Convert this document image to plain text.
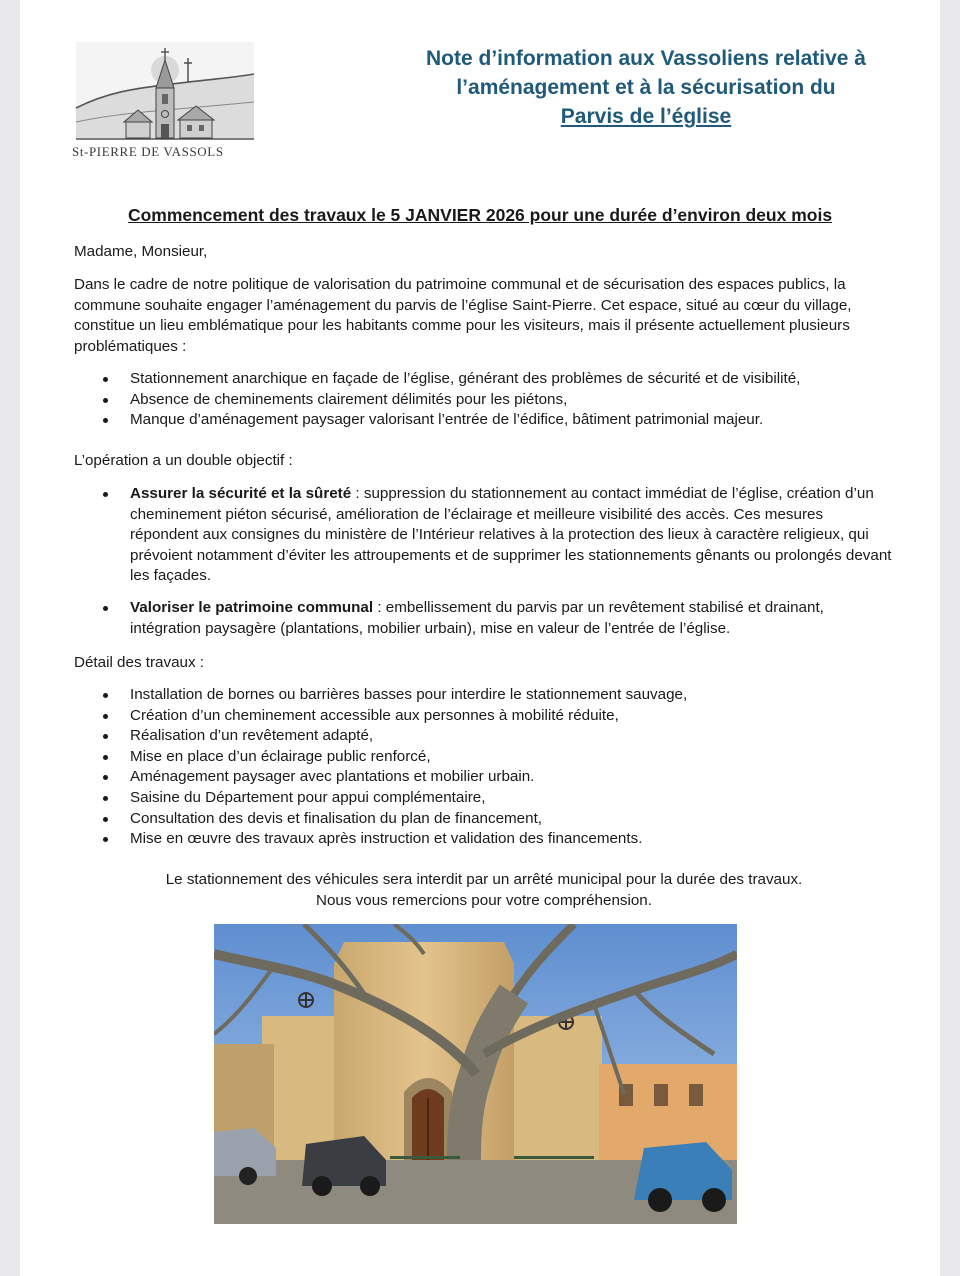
St-PIERRE DE VASSOLS
Note d’information aux Vassoliens relative à
l’aménagement et à la sécurisation du
Parvis de l’église
Commencement des travaux le 5 JANVIER 2026 pour une durée d’environ deux mois

Madame, Monsieur,

Dans le cadre de notre politique de valorisation du patrimoine communal et de sécurisation des espaces publics, la commune souhaite engager l’aménagement du parvis de l’église Saint-Pierre. Cet espace, situé au cœur du village, constitue un lieu emblématique pour les habitants comme pour les visiteurs, mais il présente actuellement plusieurs problématiques :

Stationnement anarchique en façade de l’église, générant des problèmes de sécurité et de visibilité,
Absence de cheminements clairement délimités pour les piétons,
Manque d’aménagement paysager valorisant l’entrée de l’édifice, bâtiment patrimonial majeur.

L’opération a un double objectif :

Assurer la sécurité et la sûreté : suppression du stationnement au contact immédiat de l’église, création d’un cheminement piéton sécurisé, amélioration de l’éclairage et meilleure visibilité des accès. Ces mesures répondent aux consignes du ministère de l’Intérieur relatives à la protection des lieux à caractère religieux, qui prévoient notamment d’éviter les attroupements et de supprimer les stationnements gênants ou prolongés devant les façades.
Valoriser le patrimoine communal : embellissement du parvis par un revêtement stabilisé et drainant, intégration paysagère (plantations, mobilier urbain), mise en valeur de l’entrée de l’église.

Détail des travaux :

Installation de bornes ou barrières basses pour interdire le stationnement sauvage,
Création d’un cheminement accessible aux personnes à mobilité réduite,
Réalisation d’un revêtement adapté,
Mise en place d’un éclairage public renforcé,
Aménagement paysager avec plantations et mobilier urbain.
Saisine du Département pour appui complémentaire,
Consultation des devis et finalisation du plan de financement,
Mise en œuvre des travaux après instruction et validation des financements.
Le stationnement des véhicules sera interdit par un arrêté municipal pour la durée des travaux.
Nous vous remercions pour votre compréhension.
